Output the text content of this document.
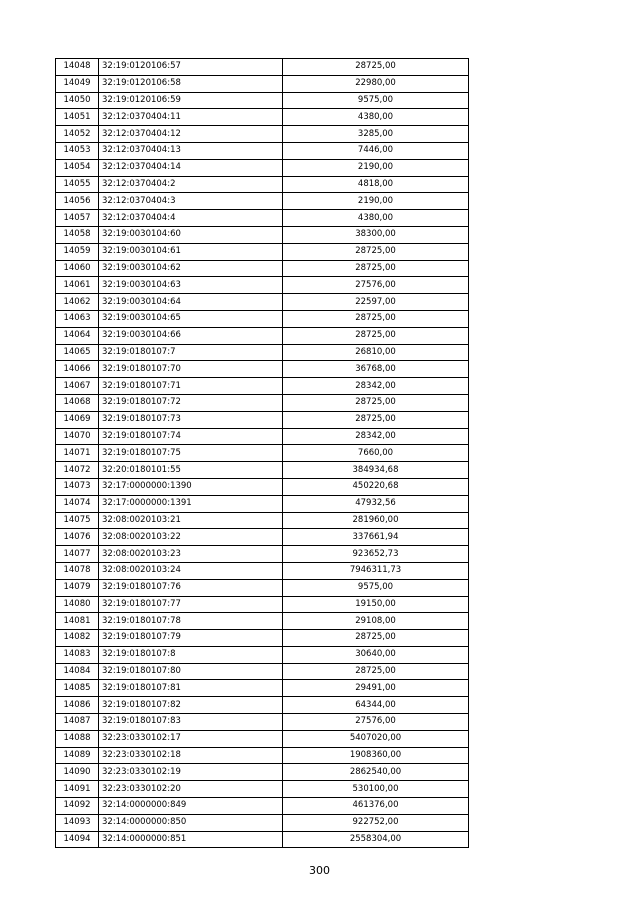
14048	32:19:0120106:57	28725,00
14049	32:19:0120106:58	22980,00
14050	32:19:0120106:59	9575,00
14051	32:12:0370404:11	4380,00
14052	32:12:0370404:12	3285,00
14053	32:12:0370404:13	7446,00
14054	32:12:0370404:14	2190,00
14055	32:12:0370404:2	4818,00
14056	32:12:0370404:3	2190,00
14057	32:12:0370404:4	4380,00
14058	32:19:0030104:60	38300,00
14059	32:19:0030104:61	28725,00
14060	32:19:0030104:62	28725,00
14061	32:19:0030104:63	27576,00
14062	32:19:0030104:64	22597,00
14063	32:19:0030104:65	28725,00
14064	32:19:0030104:66	28725,00
14065	32:19:0180107:7	26810,00
14066	32:19:0180107:70	36768,00
14067	32:19:0180107:71	28342,00
14068	32:19:0180107:72	28725,00
14069	32:19:0180107:73	28725,00
14070	32:19:0180107:74	28342,00
14071	32:19:0180107:75	7660,00
14072	32:20:0180101:55	384934,68
14073	32:17:0000000:1390	450220,68
14074	32:17:0000000:1391	47932,56
14075	32:08:0020103:21	281960,00
14076	32:08:0020103:22	337661,94
14077	32:08:0020103:23	923652,73
14078	32:08:0020103:24	7946311,73
14079	32:19:0180107:76	9575,00
14080	32:19:0180107:77	19150,00
14081	32:19:0180107:78	29108,00
14082	32:19:0180107:79	28725,00
14083	32:19:0180107:8	30640,00
14084	32:19:0180107:80	28725,00
14085	32:19:0180107:81	29491,00
14086	32:19:0180107:82	64344,00
14087	32:19:0180107:83	27576,00
14088	32:23:0330102:17	5407020,00
14089	32:23:0330102:18	1908360,00
14090	32:23:0330102:19	2862540,00
14091	32:23:0330102:20	530100,00
14092	32:14:0000000:849	461376,00
14093	32:14:0000000:850	922752,00
14094	32:14:0000000:851	2558304,00
300
